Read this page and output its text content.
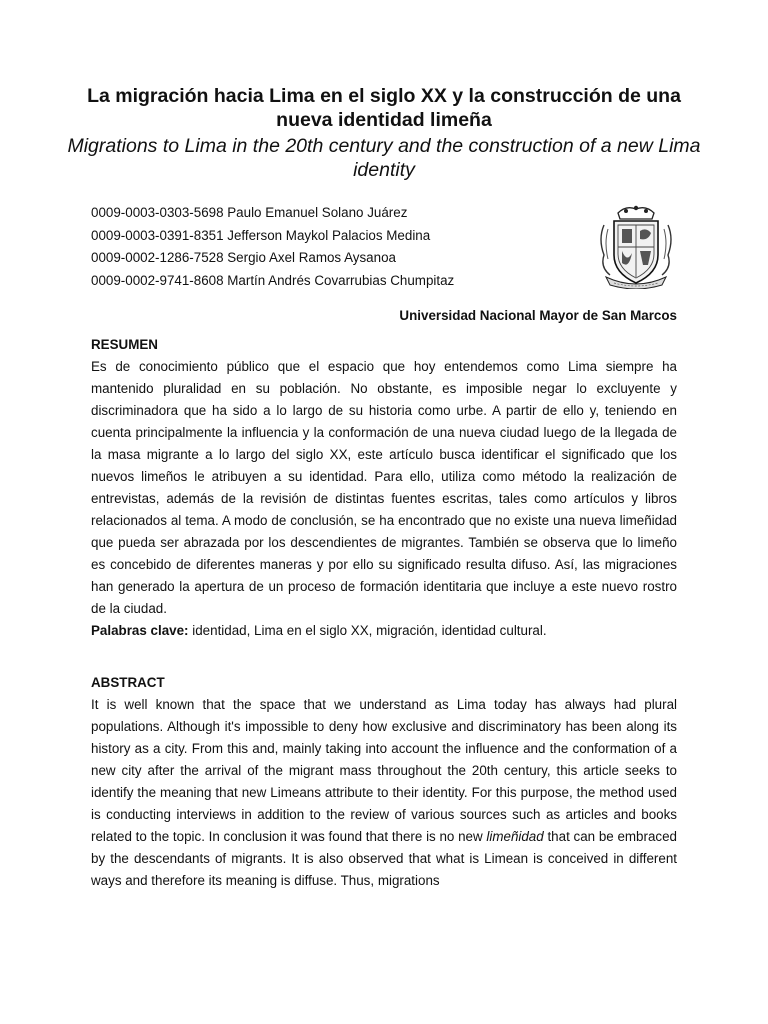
La migración hacia Lima en el siglo XX y la construcción de una nueva identidad limeña

Migrations to Lima in the 20th century and the construction of a new Lima identity

0009-0003-0303-5698 Paulo Emanuel Solano Juárez
0009-0003-0391-8351 Jefferson Maykol Palacios Medina
0009-0002-1286-7528 Sergio Axel Ramos Aysanoa
0009-0002-9741-8608 Martín Andrés Covarrubias Chumpitaz
Universidad Nacional Mayor de San Marcos

RESUMEN

Es de conocimiento público que el espacio que hoy entendemos como Lima siempre ha mantenido pluralidad en su población. No obstante, es imposible negar lo excluyente y discriminadora que ha sido a lo largo de su historia como urbe. A partir de ello y, teniendo en cuenta principalmente la influencia y la conformación de una nueva ciudad luego de la llegada de la masa migrante a lo largo del siglo XX, este artículo busca identificar el significado que los nuevos limeños le atribuyen a su identidad. Para ello, utiliza como método la realización de entrevistas, además de la revisión de distintas fuentes escritas, tales como artículos y libros relacionados al tema. A modo de conclusión, se ha encontrado que no existe una nueva limeñidad que pueda ser abrazada por los descendientes de migrantes. También se observa que lo limeño es concebido de diferentes maneras y por ello su significado resulta difuso. Así, las migraciones han generado la apertura de un proceso de formación identitaria que incluye a este nuevo rostro de la ciudad.

Palabras clave: identidad, Lima en el siglo XX, migración, identidad cultural.

ABSTRACT

It is well known that the space that we understand as Lima today has always had plural populations. Although it's impossible to deny how exclusive and discriminatory has been along its history as a city. From this and, mainly taking into account the influence and the conformation of a new city after the arrival of the migrant mass throughout the 20th century, this article seeks to identify the meaning that new Limeans attribute to their identity. For this purpose, the method used is conducting interviews in addition to the review of various sources such as articles and books related to the topic. In conclusion it was found that there is no new limeñidad that can be embraced by the descendants of migrants. It is also observed that what is Limean is conceived in different ways and therefore its meaning is diffuse. Thus, migrations
